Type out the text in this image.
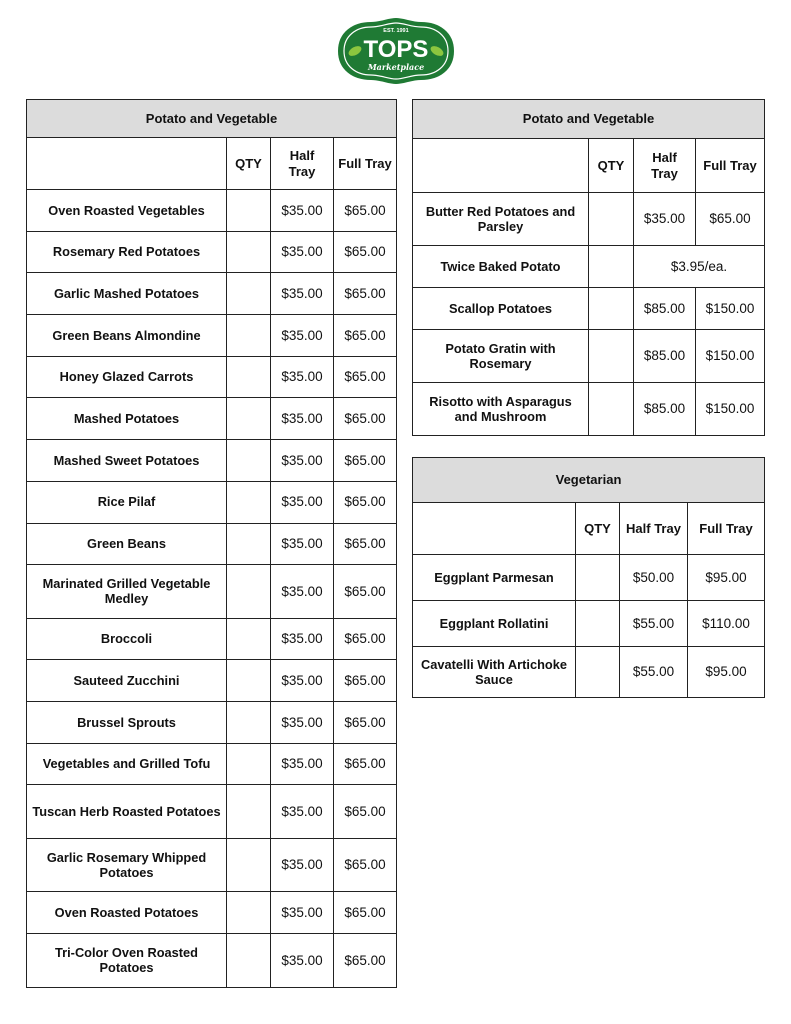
EST. 1991
TOPS
Marketplace
Potato and Vegetable			
	QTY	Half Tray	Full Tray
Oven Roasted Vegetables		$35.00	$65.00
Rosemary Red Potatoes		$35.00	$65.00
Garlic Mashed Potatoes		$35.00	$65.00
Green Beans Almondine		$35.00	$65.00
Honey Glazed Carrots		$35.00	$65.00
Mashed Potatoes		$35.00	$65.00
Mashed Sweet Potatoes		$35.00	$65.00
Rice Pilaf		$35.00	$65.00
Green Beans		$35.00	$65.00
Marinated Grilled Vegetable Medley		$35.00	$65.00
Broccoli		$35.00	$65.00
Sauteed Zucchini		$35.00	$65.00
Brussel Sprouts		$35.00	$65.00
Vegetables and Grilled Tofu		$35.00	$65.00
Tuscan Herb Roasted Potatoes		$35.00	$65.00
Garlic Rosemary Whipped Potatoes		$35.00	$65.00
Oven Roasted Potatoes		$35.00	$65.00
Tri-Color Oven Roasted Potatoes		$35.00	$65.00
Potato and Vegetable			
	QTY	Half Tray	Full Tray
Butter Red Potatoes and Parsley		$35.00	$65.00
Twice Baked Potato		$3.95/ea.	
Scallop Potatoes		$85.00	$150.00
Potato Gratin with Rosemary		$85.00	$150.00
Risotto with Asparagus and Mushroom		$85.00	$150.00
Vegetarian			
	QTY	Half Tray	Full Tray
Eggplant Parmesan		$50.00	$95.00
Eggplant Rollatini		$55.00	$110.00
Cavatelli With Artichoke Sauce		$55.00	$95.00
